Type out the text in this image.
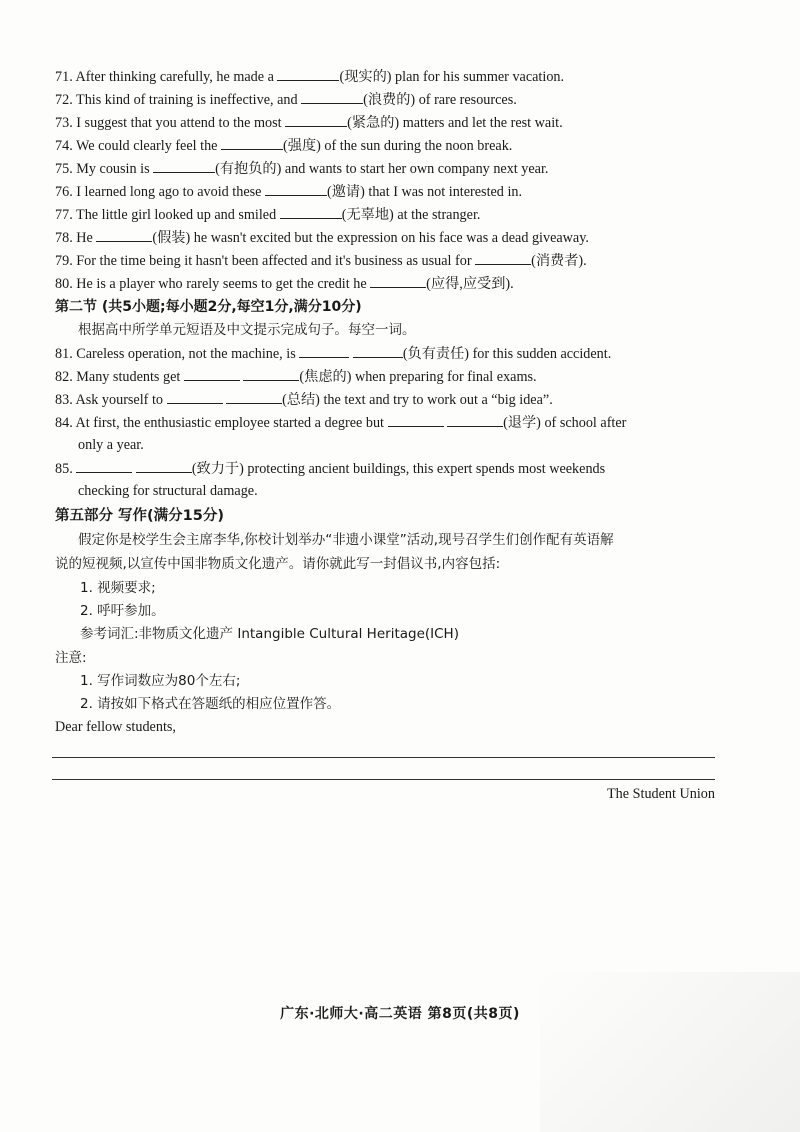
71. After thinking carefully, he made a	(现实的) plan for his summer vacation.
72. This kind of training is ineffective, and	(浪费的) of rare resources.
73. I suggest that you attend to the most	(紧急的) matters and let the rest wait.
74. We could clearly feel the	(强度) of the sun during the noon break.
75. My cousin is	(有抱负的) and wants to start her own company next year.
76. I learned long ago to avoid these	(邀请) that I was not interested in.
77. The little girl looked up and smiled	(无辜地) at the stranger.
78. He	(假装) he wasn't excited but the expression on his face was a dead giveaway.
79. For the time being it hasn't been affected and it's business as usual for	(消费者).
80. He is a player who rarely seems to get the credit he	(应得,应受到).
第二节 (共5小题;每小题2分,每空1分,满分10分)
根据高中所学单元短语及中文提示完成句子。每空一词。
81. Careless operation, not the machine, is	(负有责任) for this sudden accident.
82. Many students get	(焦虑的) when preparing for final exams.
83. Ask yourself to	(总结) the text and try to work out a “big idea”.
84. At first, the enthusiastic employee started a degree but	(退学) of school after
only a year.
85.	(致力于) protecting ancient buildings, this expert spends most weekends
checking for structural damage.
第五部分 写作(满分15分)
假定你是校学生会主席李华,你校计划举办“非遗小课堂”活动,现号召学生们创作配有英语解
说的短视频,以宣传中国非物质文化遗产。请你就此写一封倡议书,内容包括:
1. 视频要求;
2. 呼吁参加。
参考词汇:非物质文化遗产 Intangible Cultural Heritage(ICH)
注意:
1. 写作词数应为80个左右;
2. 请按如下格式在答题纸的相应位置作答。
Dear fellow students,
The Student Union
广东·北师大·高二英语 第8页(共8页)
